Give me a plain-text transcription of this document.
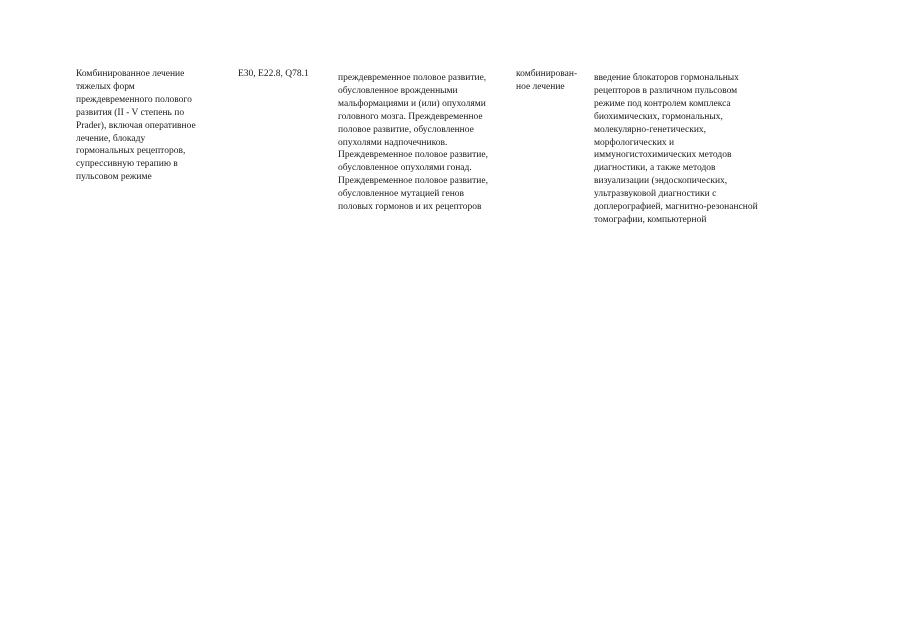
Комбинированное лечение
тяжелых форм
преждевременного полового
развития (II - V степень по
Prader), включая оперативное
лечение, блокаду
гормональных рецепторов,
супрессивную терапию в
пульсовом режиме
E30, E22.8, Q78.1	преждевременное половое развитие,
обусловленное врожденными
мальформациями и (или) опухолями
головного мозга. Преждевременное
половое развитие, обусловленное
опухолями надпочечников.
Преждевременное половое развитие,
обусловленное опухолями гонад.
Преждевременное половое развитие,
обусловленное мутацией генов
половых гормонов и их рецепторов
комбинирован-
ное лечение
введение блокаторов гормональных
рецепторов в различном пульсовом
режиме под контролем комплекса
биохимических, гормональных,
молекулярно-генетических,
морфологических и
иммуногистохимических методов
диагностики, а также методов
визуализации (эндоскопических,
ультразвуковой диагностики с
доплерографией, магнитно-резонансной
томографии, компьютерной
